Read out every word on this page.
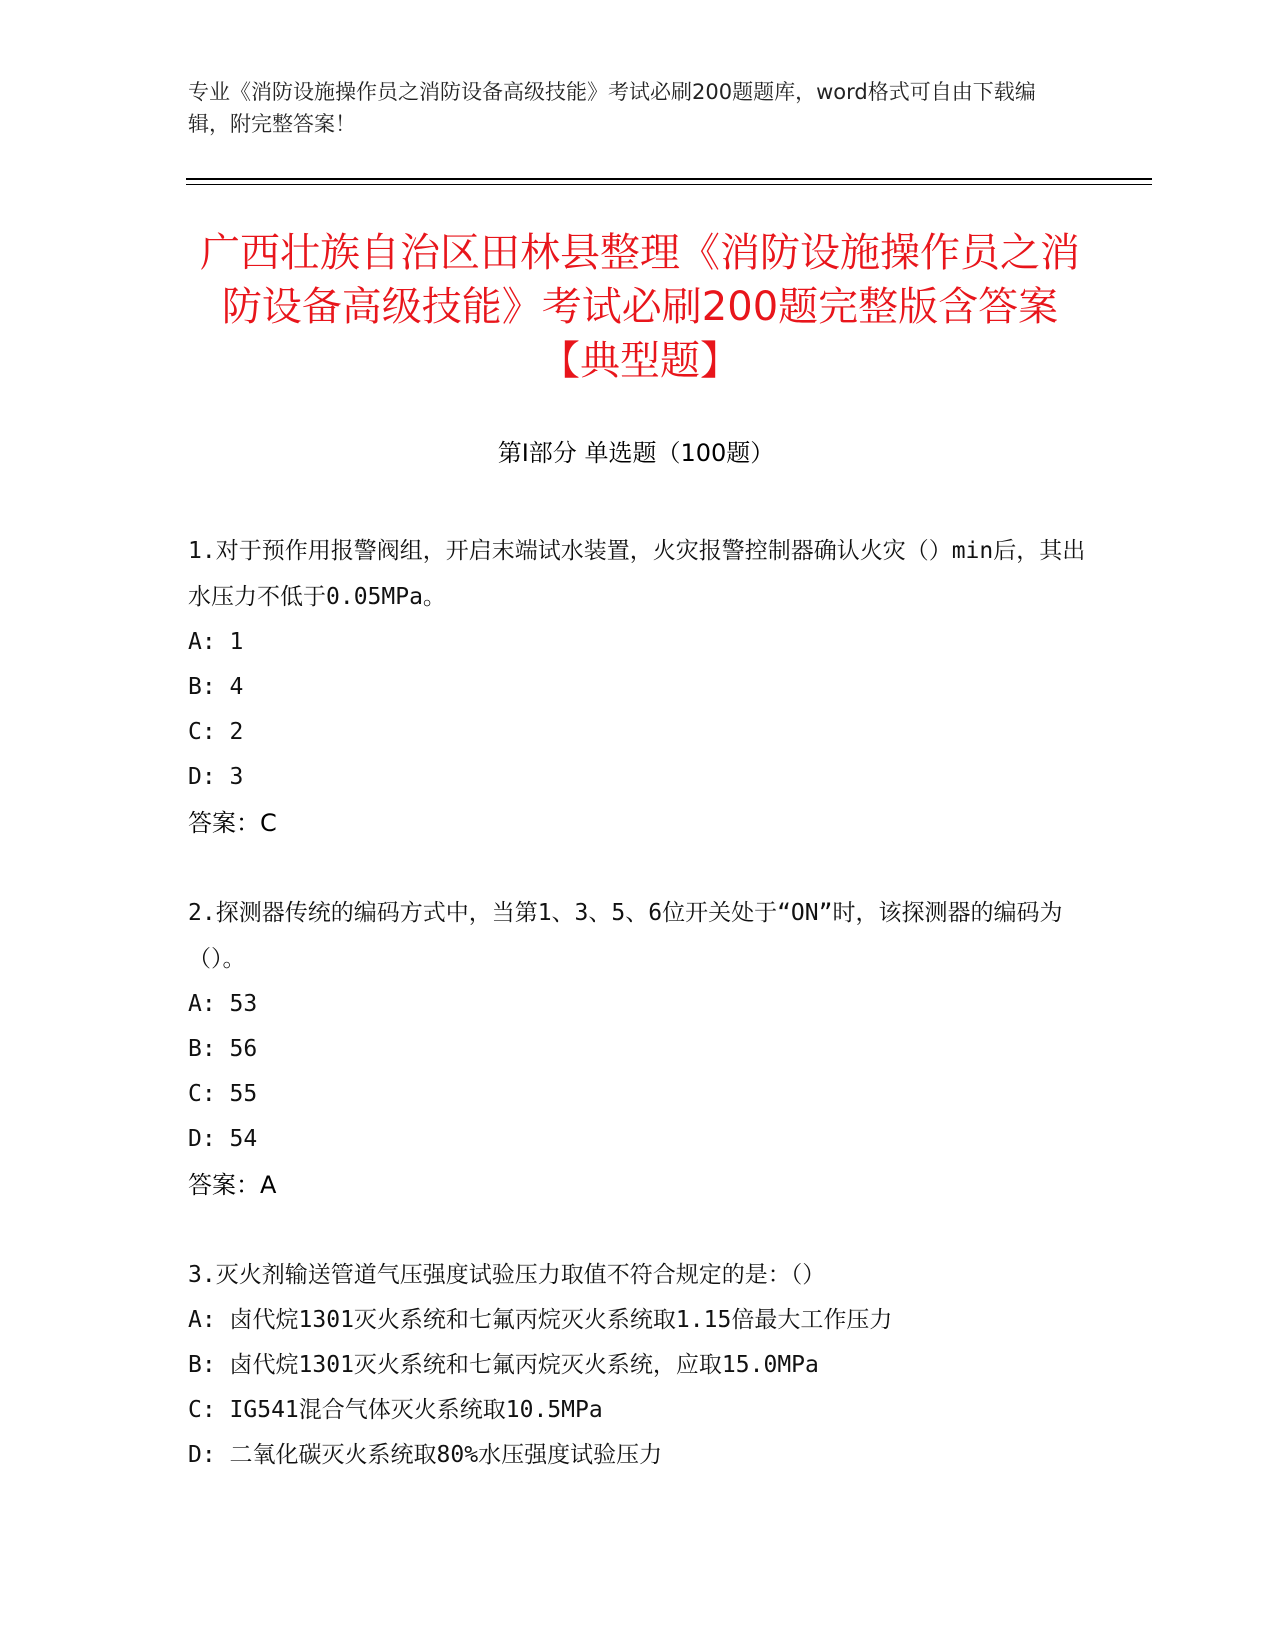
专业《消防设施操作员之消防设备高级技能》考试必刷200题题库，word格式可自由下载编辑，附完整答案！
广西壮族自治区田林县整理《消防设施操作员之消防设备高级技能》考试必刷200题完整版含答案【典型题】
第I部分 单选题（100题）

1.对于预作用报警阀组，开启末端试水装置，火灾报警控制器确认火灾（）min后，其出水压力不低于0.05MPa。

A: 1

B: 4

C: 2

D: 3

答案：C

2.探测器传统的编码方式中，当第1、3、5、6位开关处于“ON”时，该探测器的编码为（）。

A: 53

B: 56

C: 55

D: 54

答案：A

3.灭火剂输送管道气压强度试验压力取值不符合规定的是：（）

A: 卤代烷1301灭火系统和七氟丙烷灭火系统取1.15倍最大工作压力

B: 卤代烷1301灭火系统和七氟丙烷灭火系统，应取15.0MPa

C: IG541混合气体灭火系统取10.5MPa

D: 二氧化碳灭火系统取80%水压强度试验压力
